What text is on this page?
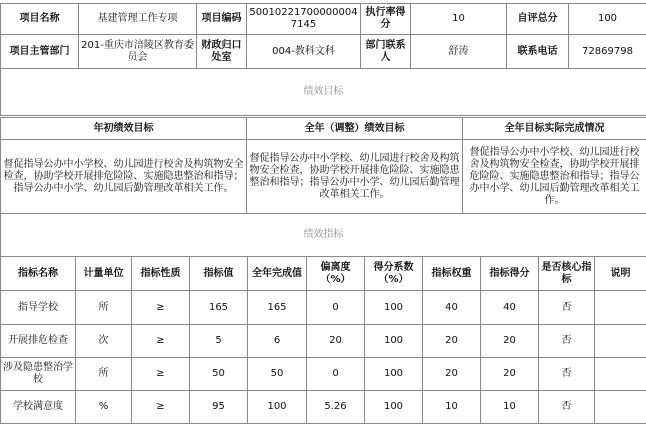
项目名称	基建管理工作专项	项目编码	500102217000000047145	执行率得分	10	自评总分	100
项目主管部门	201-重庆市涪陵区教育委员会	财政归口处室	004-教科文科	部门联系人	舒涛	联系电话	72869798
绩效目标							
年初绩效目标	全年（调整）绩效目标	全年目标实际完成情况
督促指导公办中小学校、幼儿园进行校舍及构筑物安全检查，协助学校开展排危险险、实施隐患整治和指导；指导公办中小学、幼儿园后勤管理改革相关工作。	督促指导公办中小学校、幼儿园进行校舍及构筑物安全检查，协助学校开展排危险险、实施隐患整治和指导；指导公办中小学、幼儿园后勤管理改革相关工作。	督促指导公办中小学校、幼儿园进行校舍及构筑物安全检查，协助学校开展排危险险、实施隐患整治和指导；指导公办中小学、幼儿园后勤管理改革相关工作。
绩效指标		
指标名称	计量单位	指标性质	指标值	全年完成值	偏离度（%）	得分系数（%）	指标权重	指标得分	是否核心指标	说明
指导学校	所	≥	165	165	0	100	40	40	否	
开展排危检查	次	≥	5	6	20	100	20	20	否	
涉及隐患整治学校	所	≥	50	50	0	100	20	20	否	
学校满意度	%	≥	95	100	5.26	100	10	10	否	
